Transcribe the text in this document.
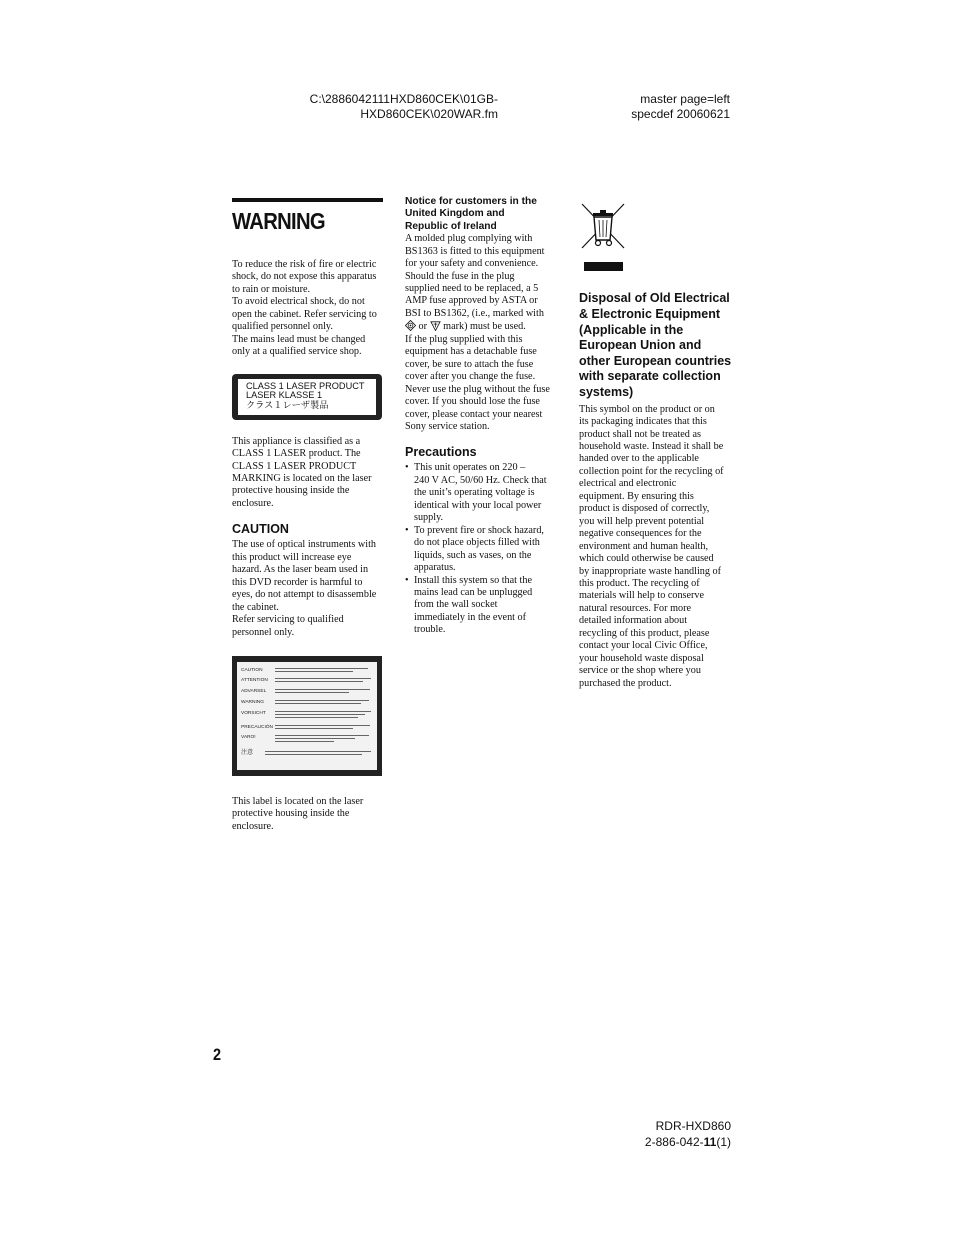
C:\2886042111HXD860CEK\01GB-
HXD860CEK\020WAR.fm
master page=left
specdef 20060621
WARNING

To reduce the risk of fire or electric
shock, do not expose this apparatus
to rain or moisture.
To avoid electrical shock, do not
open the cabinet. Refer servicing to
qualified personnel only.
The mains lead must be changed
only at a qualified service shop.

CLASS 1 LASER PRODUCT
LASER KLASSE 1
クラス１レーザ製品

This appliance is classified as a
CLASS 1 LASER product. The
CLASS 1 LASER PRODUCT
MARKING is located on the laser
protective housing inside the
enclosure.

CAUTION

The use of optical instruments with
this product will increase eye
hazard. As the laser beam used in
this DVD recorder is harmful to
eyes, do not attempt to disassemble
the cabinet.
Refer servicing to qualified
personnel only.

CAUTION
ATTENTION
ADVARSEL
WARNING
VORSICHT
PRECAUCIÓN
VARO!
注意

This label is located on the laser
protective housing inside the
enclosure.

Notice for customers in the
United Kingdom and
Republic of Ireland

A molded plug complying with
BS1363 is fitted to this equipment
for your safety and convenience.
Should the fuse in the plug
supplied need to be replaced, a 5
AMP fuse approved by ASTA or
BSI to BS1362, (i.e., marked with
or mark) must be used.
If the plug supplied with this
equipment has a detachable fuse
cover, be sure to attach the fuse
cover after you change the fuse.
Never use the plug without the fuse
cover. If you should lose the fuse
cover, please contact your nearest
Sony service station.

Precautions
• This unit operates on 220 –
240 V AC, 50/60 Hz. Check that
the unit’s operating voltage is
identical with your local power
supply.
• To prevent fire or shock hazard,
do not place objects filled with
liquids, such as vases, on the
apparatus.
• Install this system so that the
mains lead can be unplugged
from the wall socket
immediately in the event of
trouble.
Disposal of Old Electrical
& Electronic Equipment
(Applicable in the
European Union and
other European countries
with separate collection
systems)

This symbol on the product or on
its packaging indicates that this
product shall not be treated as
household waste. Instead it shall be
handed over to the applicable
collection point for the recycling of
electrical and electronic
equipment. By ensuring this
product is disposed of correctly,
you will help prevent potential
negative consequences for the
environment and human health,
which could otherwise be caused
by inappropriate waste handling of
this product. The recycling of
materials will help to conserve
natural resources. For more
detailed information about
recycling of this product, please
contact your local Civic Office,
your household waste disposal
service or the shop where you
purchased the product.

2
RDR-HXD860
2-886-042-11(1)
